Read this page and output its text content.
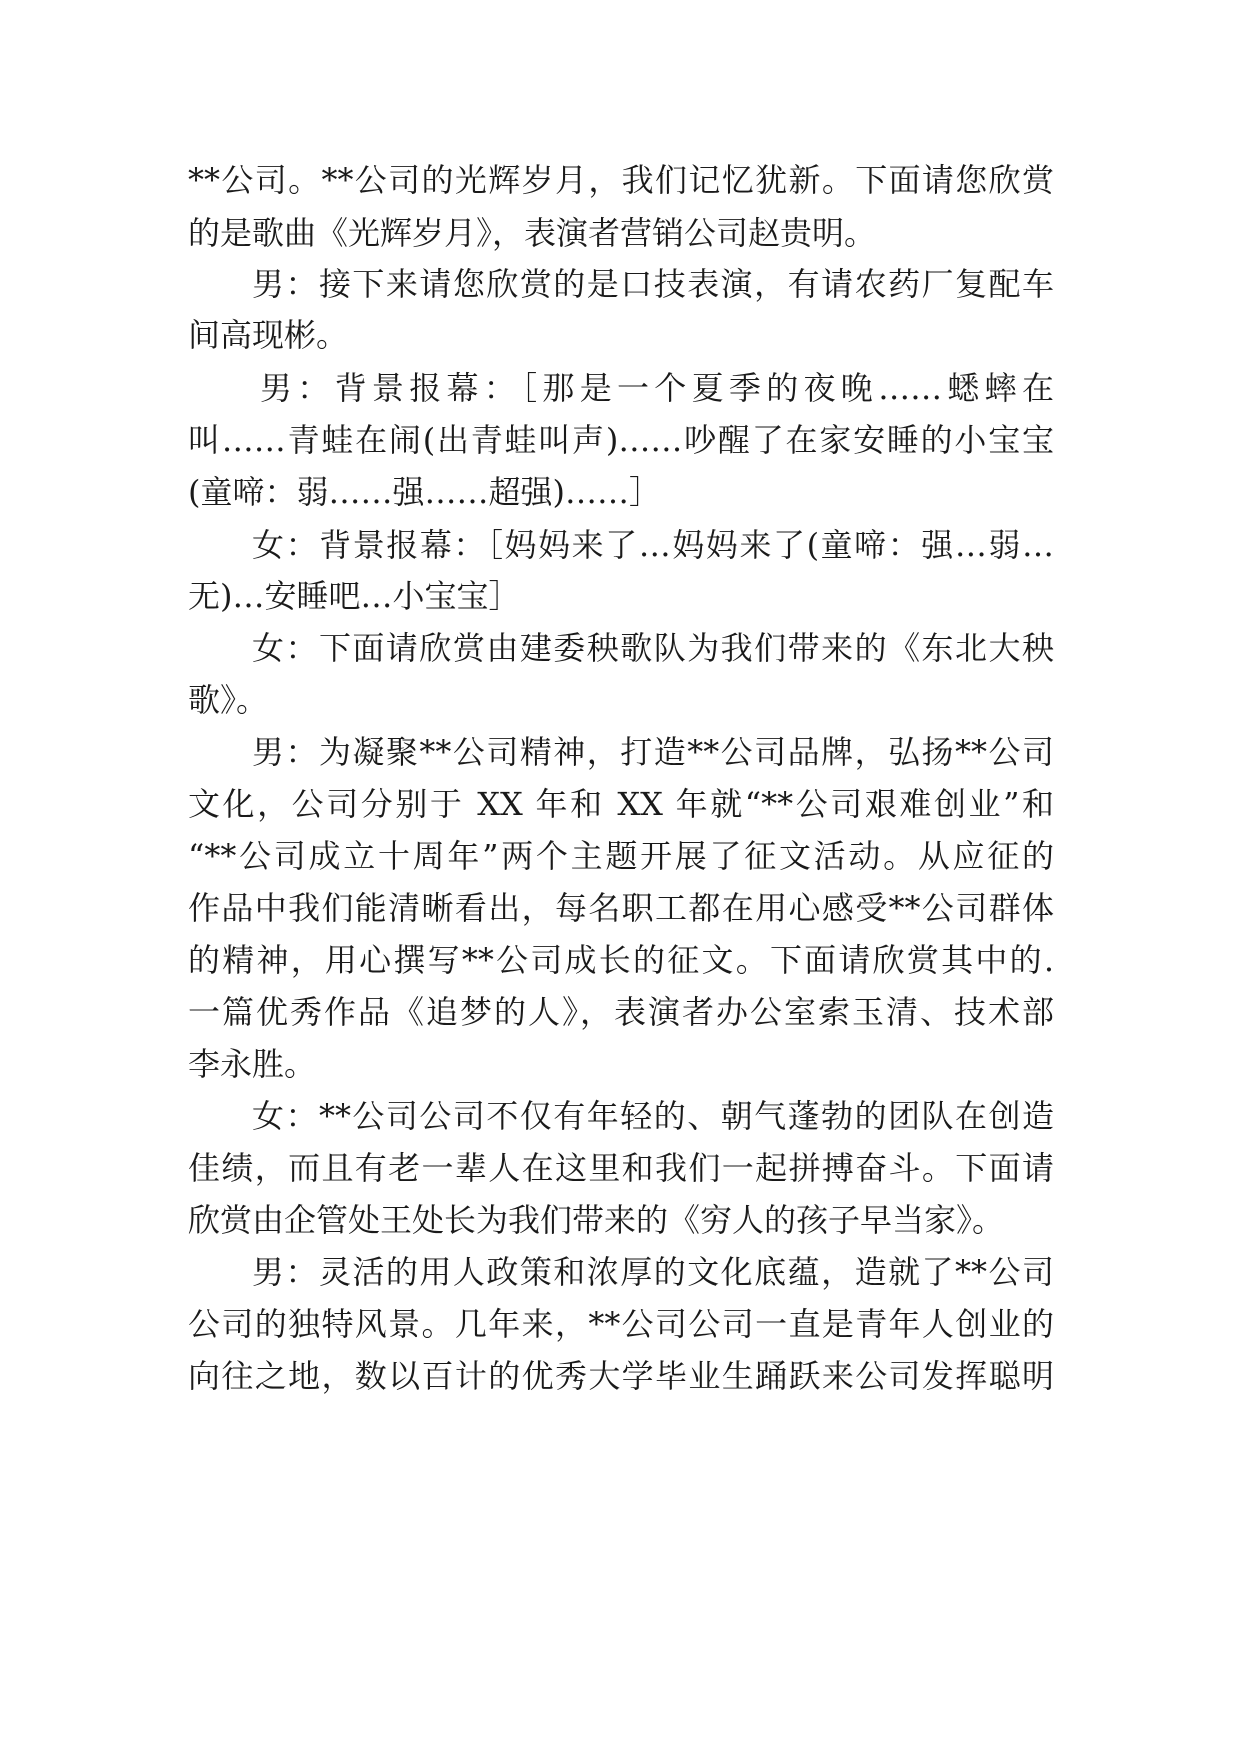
**公司。**公司的光辉岁月，我们记忆犹新。下面请您欣赏
的是歌曲《光辉岁月》，表演者营销公司赵贵明。
男：接下来请您欣赏的是口技表演，有请农药厂复配车
间高现彬。
男：背景报幕：［那是一个夏季的夜晚……蟋蟀在
叫……青蛙在闹(出青蛙叫声)……吵醒了在家安睡的小宝宝
(童啼：弱……强……超强)……］
女：背景报幕：［妈妈来了…妈妈来了(童啼：强…弱…
无)…安睡吧…小宝宝］
女：下面请欣赏由建委秧歌队为我们带来的《东北大秧
歌》。
男：为凝聚**公司精神，打造**公司品牌，弘扬**公司
文化，公司分别于 XX 年和 XX 年就“**公司艰难创业”和
“**公司成立十周年”两个主题开展了征文活动。从应征的
作品中我们能清晰看出，每名职工都在用心感受**公司群体
的精神，用心撰写**公司成长的征文。下面请欣赏其中的.
一篇优秀作品《追梦的人》，表演者办公室索玉清、技术部
李永胜。
女：**公司公司不仅有年轻的、朝气蓬勃的团队在创造
佳绩，而且有老一辈人在这里和我们一起拼搏奋斗。下面请
欣赏由企管处王处长为我们带来的《穷人的孩子早当家》。
男：灵活的用人政策和浓厚的文化底蕴，造就了**公司
公司的独特风景。几年来，**公司公司一直是青年人创业的
向往之地，数以百计的优秀大学毕业生踊跃来公司发挥聪明
